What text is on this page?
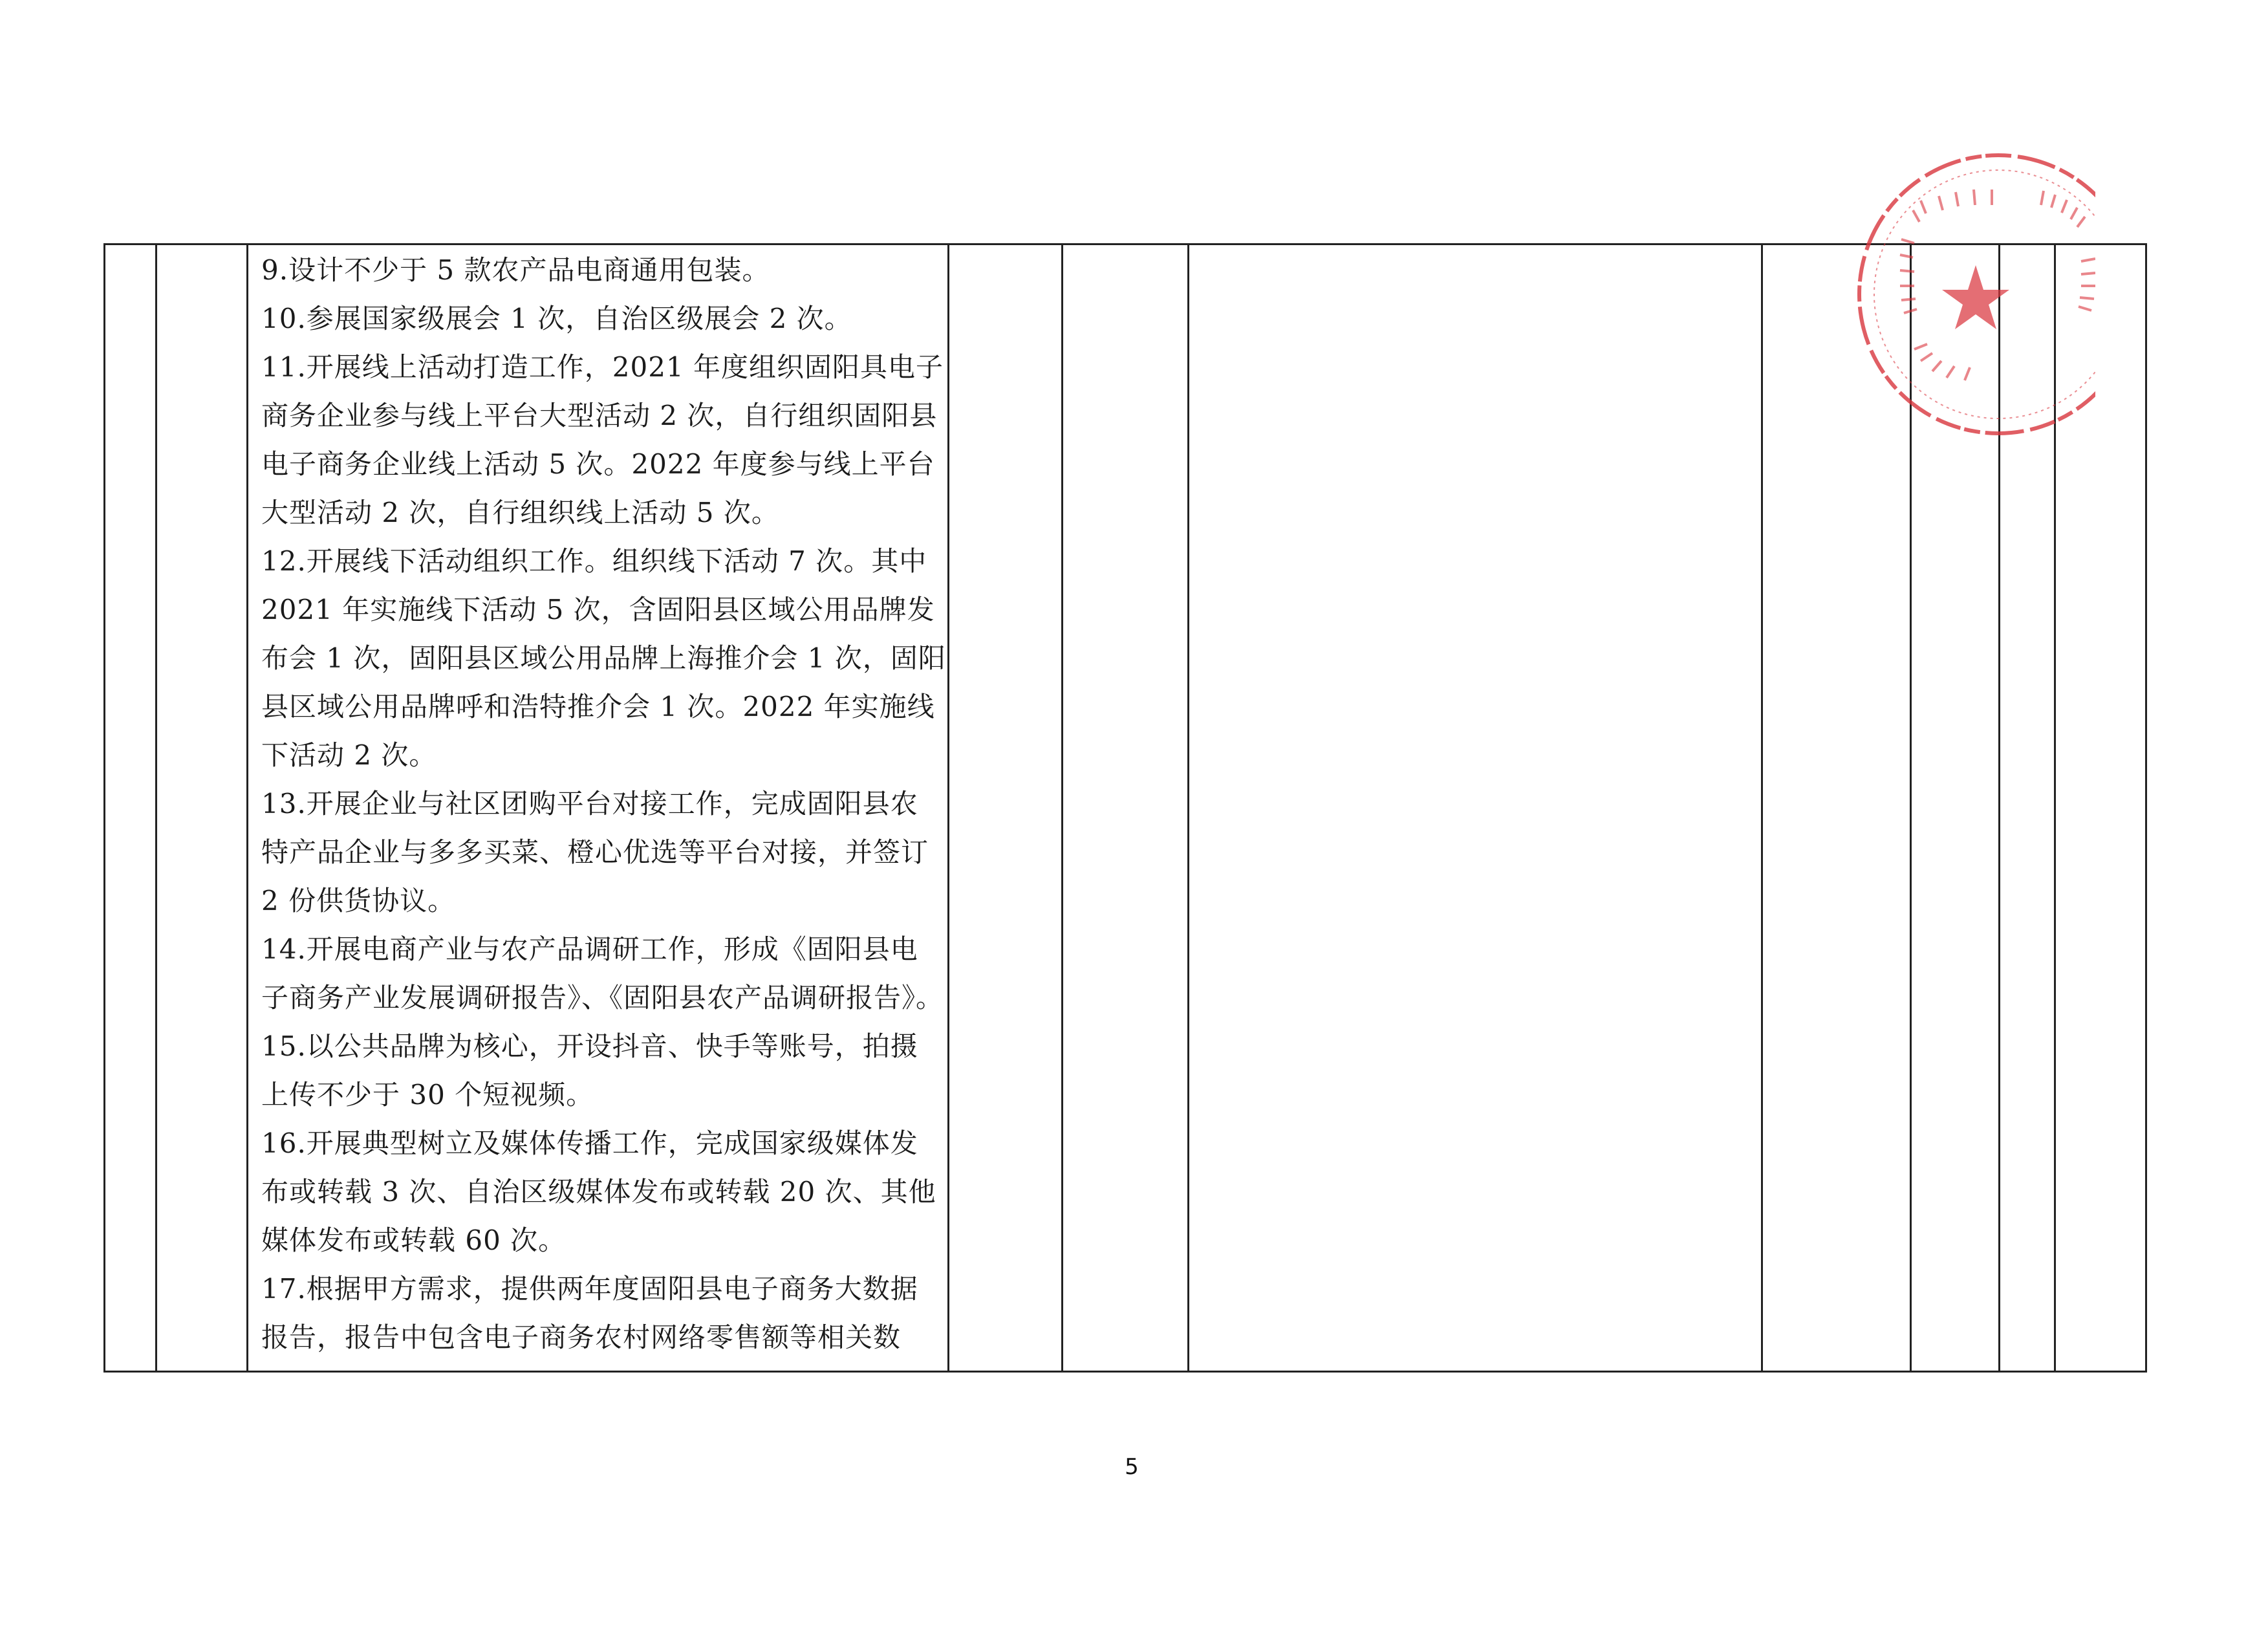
9.设计不少于 5 款农产品电商通用包装。
10.参展国家级展会 1 次，自治区级展会 2 次。
11.开展线上活动打造工作，2021 年度组织固阳具电子
商务企业参与线上平台大型活动 2 次，自行组织固阳县
电子商务企业线上活动 5 次。2022 年度参与线上平台
大型活动 2 次，自行组织线上活动 5 次。
12.开展线下活动组织工作。组织线下活动 7 次。其中
2021 年实施线下活动 5 次，含固阳县区域公用品牌发
布会 1 次，固阳县区域公用品牌上海推介会 1 次，固阳
县区域公用品牌呼和浩特推介会 1 次。2022 年实施线
下活动 2 次。
13.开展企业与社区团购平台对接工作，完成固阳县农
特产品企业与多多买菜、橙心优选等平台对接，并签订
2 份供货协议。
14.开展电商产业与农产品调研工作，形成《固阳县电
子商务产业发展调研报告》、《固阳县农产品调研报告》。
15.以公共品牌为核心，开设抖音、快手等账号，拍摄
上传不少于 30 个短视频。
16.开展典型树立及媒体传播工作，完成国家级媒体发
布或转载 3 次、自治区级媒体发布或转载 20 次、其他
媒体发布或转载 60 次。
17.根据甲方需求，提供两年度固阳县电子商务大数据
报告，报告中包含电子商务农村网络零售额等相关数
5
